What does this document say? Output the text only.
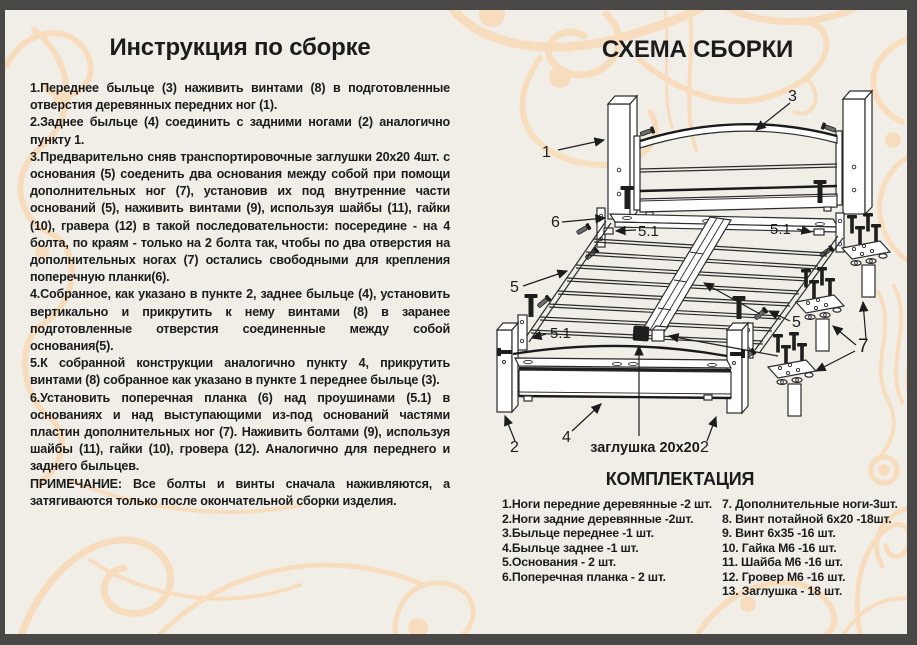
Инструкция по сборке

1.Переднее быльце (3) наживить винтами (8) в подготовленные отверстия деревянных передних ног (1).

2.Заднее быльце (4) соединить с задними ногами (2) аналогично пункту 1.

3.Предварительно сняв транспортировочные заглушки 20х20 4шт. с основания (5) соеденить два основания между собой при помощи дополнительных ног (7), установив их под внутренние части оснований (5), наживить винтами (9), используя шайбы (11), гайки (10), гравера (12) в такой последовательности: посередине - на 4 болта, по краям - только на 2 болта так, чтобы по два отверстия на дополнительных ногах (7) остались свободными для крепления поперечную планки(6).

4.Собранное, как указано в пункте 2, заднее быльце (4), установить вертикально и прикрутить к нему винтами (8) в заранее подготовленные отверстия соединенные между собой основания(5).

5.К собранной конструкции аналогично пункту 4, прикрутить винтами (8) собранное как указано в пункте 1 переднее быльце (3).

6.Установить поперечная планка (6) над проушинами (5.1) в основаниях и над выступающими из-под оснований частями пластин дополнительных ног (7). Наживить болтами (9), используя шайбы (11), гайки (10), гровера (12). Аналогично для переднего и заднего быльцев.

ПРИМЕЧАНИЕ: Все болты и винты сначала наживляются, а затягиваются только после окончательной сборки изделия.

СХЕМА СБОРКИ
КОМПЛЕКТАЦИЯ
1.Ноги передние деревянные -2 шт.
2.Ноги задние деревянные -2шт.
3.Быльце переднее -1 шт.
4.Быльце заднее -1 шт.
5.Основания - 2 шт.
6.Поперечная планка - 2 шт.
7. Дополнительные ноги-3шт.
8. Винт потайной 6х20 -18шт.
9. Винт 6х35 -16 шт.
10. Гайка М6 -16 шт.
11. Шайба М6 -16 шт.
12. Гровер М6 -16 шт.
13. Заглушка - 18 шт.
1
3
6
5.1	5.1
5
5
5.1
2	2
4
7
заглушка 20x20
